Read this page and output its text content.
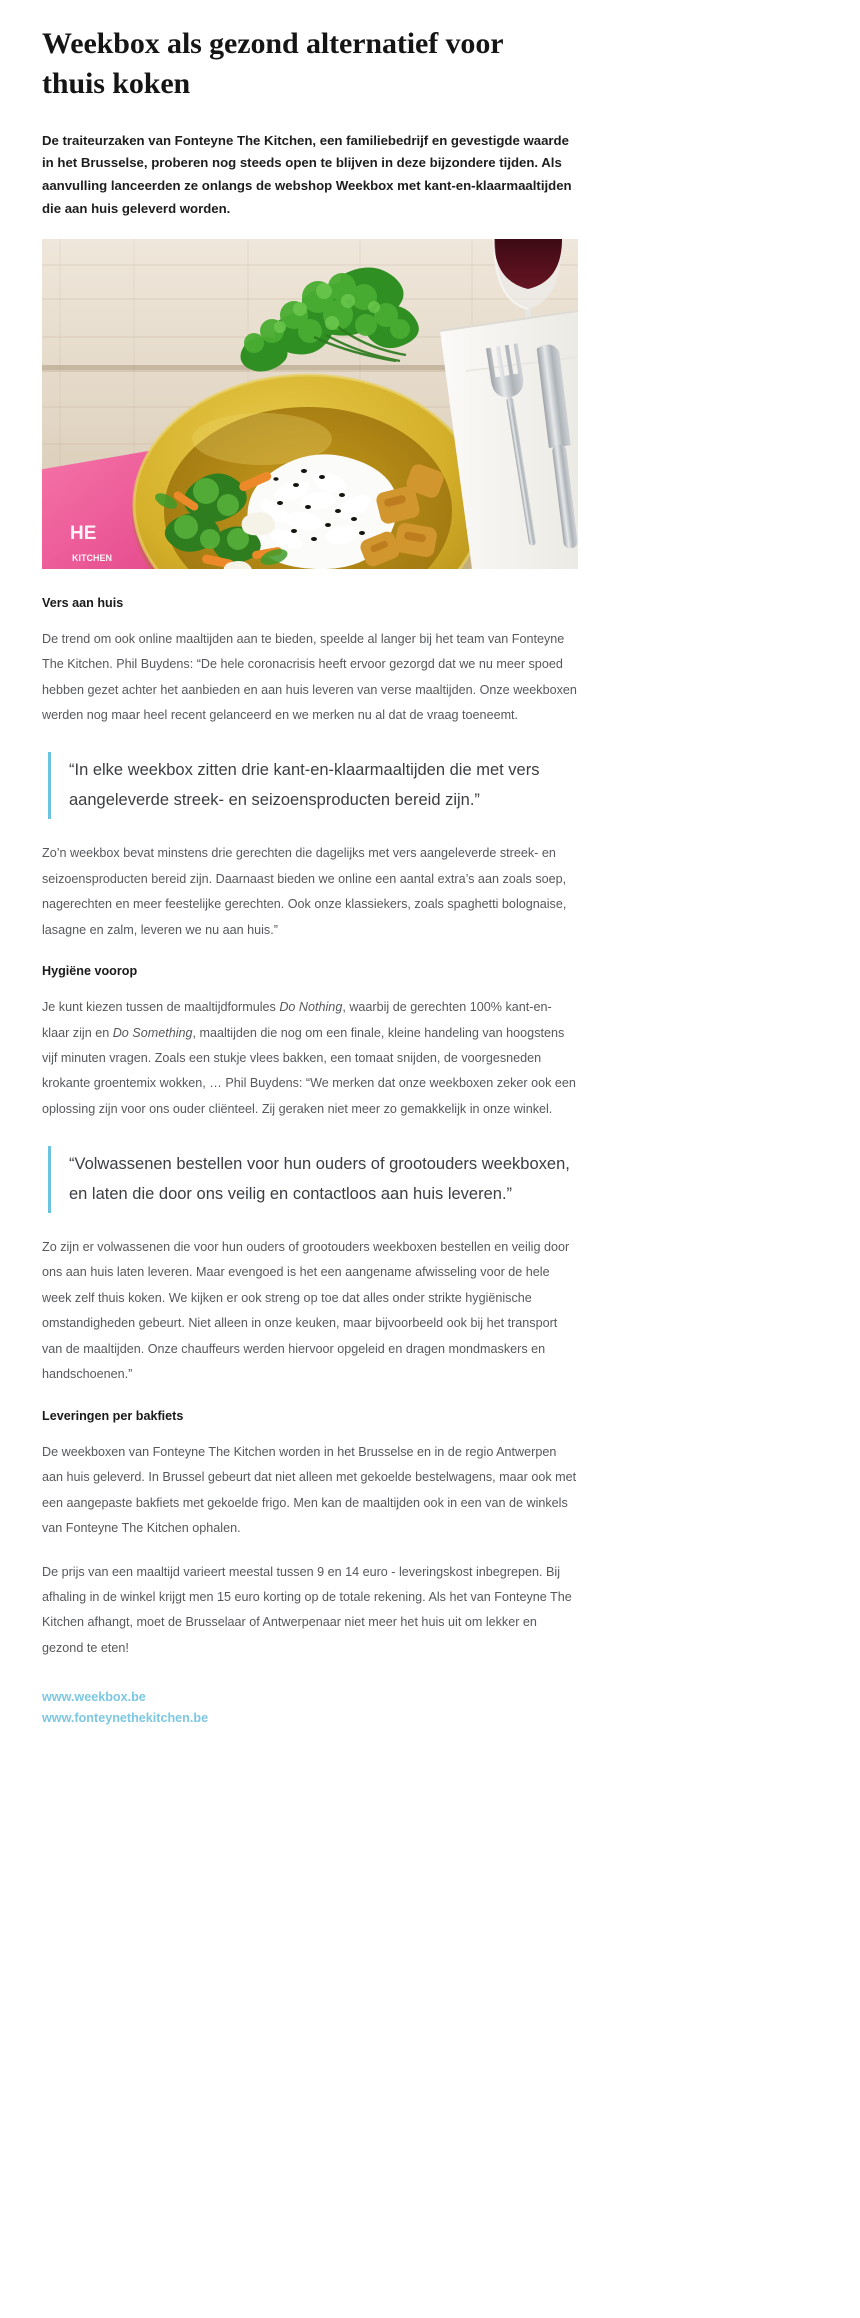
Weekbox als gezond alternatief voor thuis koken

De traiteurzaken van Fonteyne The Kitchen, een familiebedrijf en gevestigde waarde in het Brusselse, proberen nog steeds open te blijven in deze bijzondere tijden. Als aanvulling lanceerden ze onlangs de webshop Weekbox met kant-en-klaarmaaltijden die aan huis geleverd worden.

HE
KITCHEN
Vers aan huis

De trend om ook online maaltijden aan te bieden, speelde al langer bij het team van Fonteyne The Kitchen. Phil Buydens: “De hele coronacrisis heeft ervoor gezorgd dat we nu meer spoed hebben gezet achter het aanbieden en aan huis leveren van verse maaltijden. Onze weekboxen werden nog maar heel recent gelanceerd en we merken nu al dat de vraag toeneemt.

“In elke weekbox zitten drie kant-en-klaarmaaltijden die met vers aangeleverde streek- en seizoensproducten bereid zijn.”

Zo’n weekbox bevat minstens drie gerechten die dagelijks met vers aangeleverde streek- en seizoensproducten bereid zijn. Daarnaast bieden we online een aantal extra’s aan zoals soep, nagerechten en meer feestelijke gerechten. Ook onze klassiekers, zoals spaghetti bolognaise, lasagne en zalm, leveren we nu aan huis.”

Hygiëne voorop

Je kunt kiezen tussen de maaltijdformules Do Nothing, waarbij de gerechten 100% kant-en-klaar zijn en Do Something, maaltijden die nog om een finale, kleine handeling van hoogstens vijf minuten vragen. Zoals een stukje vlees bakken, een tomaat snijden, de voorgesneden krokante groentemix wokken, … Phil Buydens: “We merken dat onze weekboxen zeker ook een oplossing zijn voor ons ouder cliënteel. Zij geraken niet meer zo gemakkelijk in onze winkel.

“Volwassenen bestellen voor hun ouders of grootouders weekboxen, en laten die door ons veilig en contactloos aan huis leveren.”

Zo zijn er volwassenen die voor hun ouders of grootouders weekboxen bestellen en veilig door ons aan huis laten leveren. Maar evengoed is het een aangename afwisseling voor de hele week zelf thuis koken. We kijken er ook streng op toe dat alles onder strikte hygiënische omstandigheden gebeurt. Niet alleen in onze keuken, maar bijvoorbeeld ook bij het transport van de maaltijden. Onze chauffeurs werden hiervoor opgeleid en dragen mondmaskers en handschoenen.”

Leveringen per bakfiets

De weekboxen van Fonteyne The Kitchen worden in het Brusselse en in de regio Antwerpen aan huis geleverd. In Brussel gebeurt dat niet alleen met gekoelde bestelwagens, maar ook met een aangepaste bakfiets met gekoelde frigo. Men kan de maaltijden ook in een van de winkels van Fonteyne The Kitchen ophalen.

De prijs van een maaltijd varieert meestal tussen 9 en 14 euro - leveringskost inbegrepen. Bij afhaling in de winkel krijgt men 15 euro korting op de totale rekening. Als het van Fonteyne The Kitchen afhangt, moet de Brusselaar of Antwerpenaar niet meer het huis uit om lekker en gezond te eten!

www.weekbox.be
www.fonteynethekitchen.be
